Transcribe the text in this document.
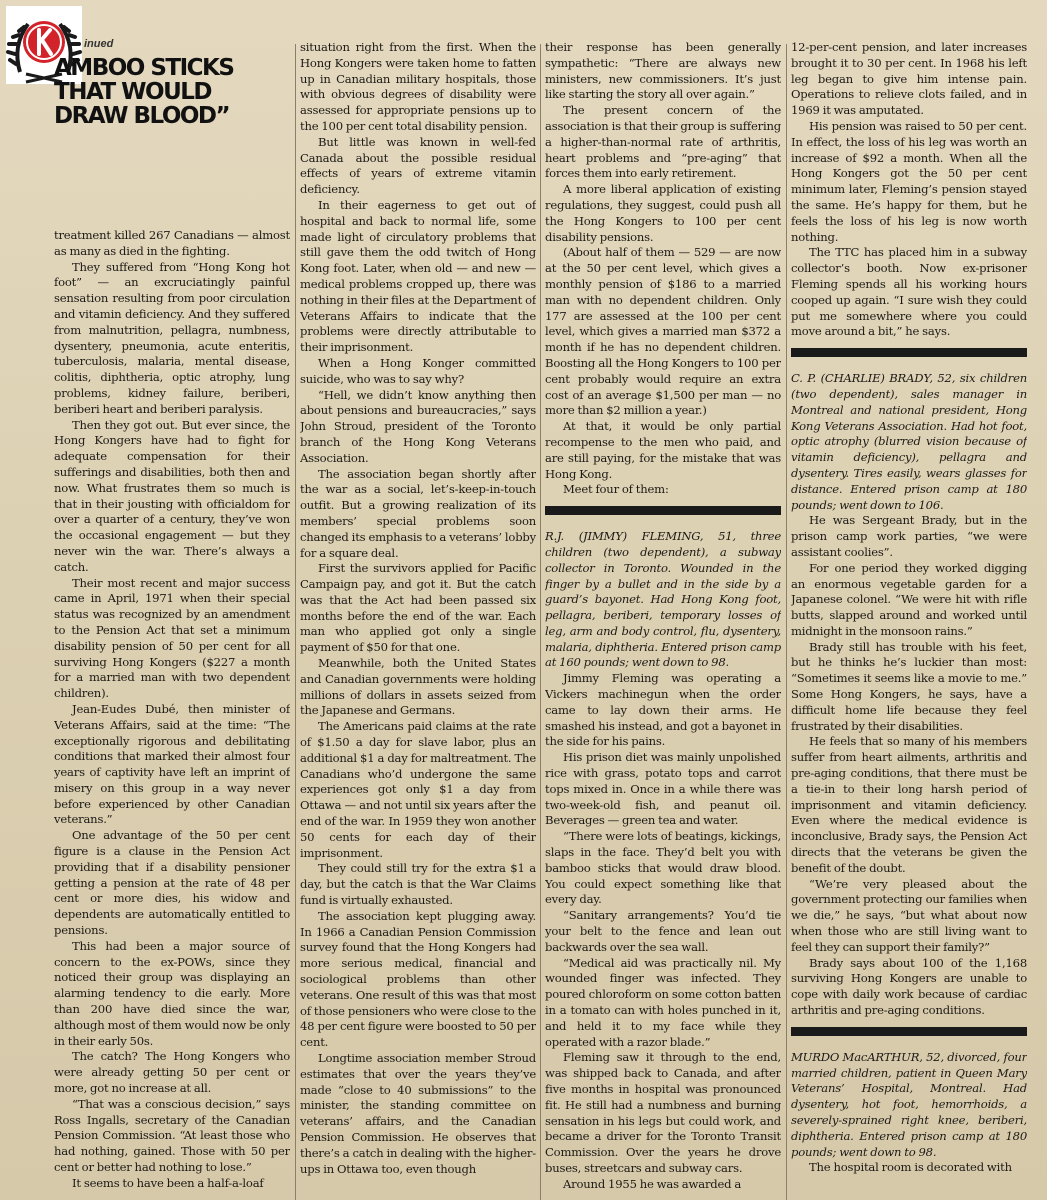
inued
AMBOO STICKS
THAT WOULD
DRAW BLOOD”

treatment killed 267 Canadians — almost as many as died in the fighting.

They suffered from “Hong Kong hot foot” — an excruciatingly painful sensation resulting from poor circulation and vitamin deficiency. And they suffered from malnutrition, pellagra, numbness, dysentery, pneumonia, acute enteritis, tuberculosis, malaria, mental disease, colitis, diphtheria, optic atrophy, lung problems, kidney failure, beriberi, beriberi heart and beriberi paralysis.

Then they got out. But ever since, the Hong Kongers have had to fight for adequate compensation for their sufferings and disabilities, both then and now. What frustrates them so much is that in their jousting with officialdom for over a quarter of a century, they’ve won the occasional engagement — but they never win the war. There’s always a catch.

Their most recent and major success came in April, 1971 when their special status was recognized by an amendment to the Pension Act that set a minimum disability pension of 50 per cent for all surviving Hong Kongers ($227 a month for a married man with two dependent children).

Jean-Eudes Dubé, then minister of Veterans Affairs, said at the time: “The exceptionally rigorous and debilitating conditions that marked their almost four years of captivity have left an imprint of misery on this group in a way never before experienced by other Canadian veterans.”

One advantage of the 50 per cent figure is a clause in the Pension Act providing that if a disability pensioner getting a pension at the rate of 48 per cent or more dies, his widow and dependents are automatically entitled to pensions.

This had been a major source of concern to the ex-POWs, since they noticed their group was displaying an alarming tendency to die early. More than 200 have died since the war, although most of them would now be only in their early 50s.

The catch? The Hong Kongers who were already getting 50 per cent or more, got no increase at all.

“That was a conscious decision,” says Ross Ingalls, secretary of the Canadian Pension Commission. “At least those who had nothing, gained. Those with 50 per cent or better had nothing to lose.”

It seems to have been a half-a-loaf

situation right from the first. When the Hong Kongers were taken home to fatten up in Canadian military hospitals, those with obvious degrees of disability were assessed for appropriate pensions up to the 100 per cent total disability pension.

But little was known in well-fed Canada about the possible residual effects of years of extreme vitamin deficiency.

In their eagerness to get out of hospital and back to normal life, some made light of circulatory problems that still gave them the odd twitch of Hong Kong foot. Later, when old — and new — medical problems cropped up, there was nothing in their files at the Department of Veterans Affairs to indicate that the problems were directly attributable to their imprisonment.

When a Hong Konger committed suicide, who was to say why?

“Hell, we didn’t know anything then about pensions and bureaucracies,” says John Stroud, president of the Toronto branch of the Hong Kong Veterans Association.

The association began shortly after the war as a social, let’s-keep-in-touch outfit. But a growing realization of its members’ special problems soon changed its emphasis to a veterans’ lobby for a square deal.

First the survivors applied for Pacific Campaign pay, and got it. But the catch was that the Act had been passed six months before the end of the war. Each man who applied got only a single payment of $50 for that one.

Meanwhile, both the United States and Canadian governments were holding millions of dollars in assets seized from the Japanese and Germans.

The Americans paid claims at the rate of $1.50 a day for slave labor, plus an additional $1 a day for maltreatment. The Canadians who’d undergone the same experiences got only $1 a day from Ottawa — and not until six years after the end of the war. In 1959 they won another 50 cents for each day of their imprisonment.

They could still try for the extra $1 a day, but the catch is that the War Claims fund is virtually exhausted.

The association kept plugging away. In 1966 a Canadian Pension Commission survey found that the Hong Kongers had more serious medical, financial and sociological problems than other veterans. One result of this was that most of those pensioners who were close to the 48 per cent figure were boosted to 50 per cent.

Longtime association member Stroud estimates that over the years they’ve made “close to 40 submissions” to the minister, the standing committee on veterans’ affairs, and the Canadian Pension Commission. He observes that there’s a catch in dealing with the higher-ups in Ottawa too, even though

their response has been generally sympathetic: “There are always new ministers, new commissioners. It’s just like starting the story all over again.”

The present concern of the association is that their group is suffering a higher-than-normal rate of arthritis, heart problems and “pre-aging” that forces them into early retirement.

A more liberal application of existing regulations, they suggest, could push all the Hong Kongers to 100 per cent disability pensions.

(About half of them — 529 — are now at the 50 per cent level, which gives a monthly pension of $186 to a married man with no dependent children. Only 177 are assessed at the 100 per cent level, which gives a married man $372 a month if he has no dependent children. Boosting all the Hong Kongers to 100 per cent probably would require an extra cost of an average $1,500 per man — no more than $2 million a year.)

At that, it would be only partial recompense to the men who paid, and are still paying, for the mistake that was Hong Kong.

Meet four of them:

R.J. (JIMMY) FLEMING, 51, three children (two dependent), a subway collector in Toronto. Wounded in the finger by a bullet and in the side by a guard’s bayonet. Had Hong Kong foot, pellagra, beriberi, temporary losses of leg, arm and body control, flu, dysentery, malaria, diphtheria. Entered prison camp at 160 pounds; went down to 98.

Jimmy Fleming was operating a Vickers machinegun when the order came to lay down their arms. He smashed his instead, and got a bayonet in the side for his pains.

His prison diet was mainly unpolished rice with grass, potato tops and carrot tops mixed in. Once in a while there was two-week-old fish, and peanut oil. Beverages — green tea and water.

“There were lots of beatings, kickings, slaps in the face. They’d belt you with bamboo sticks that would draw blood. You could expect something like that every day.

“Sanitary arrangements? You’d tie your belt to the fence and lean out backwards over the sea wall.

“Medical aid was practically nil. My wounded finger was infected. They poured chloroform on some cotton batten in a tomato can with holes punched in it, and held it to my face while they operated with a razor blade.”

Fleming saw it through to the end, was shipped back to Canada, and after five months in hospital was pronounced fit. He still had a numbness and burning sensation in his legs but could work, and became a driver for the Toronto Transit Commission. Over the years he drove buses, streetcars and subway cars.

Around 1955 he was awarded a

12-per-cent pension, and later increases brought it to 30 per cent. In 1968 his left leg began to give him intense pain. Operations to relieve clots failed, and in 1969 it was amputated.

His pension was raised to 50 per cent. In effect, the loss of his leg was worth an increase of $92 a month. When all the Hong Kongers got the 50 per cent minimum later, Fleming’s pension stayed the same. He’s happy for them, but he feels the loss of his leg is now worth nothing.

The TTC has placed him in a subway collector’s booth. Now ex-prisoner Fleming spends all his working hours cooped up again. “I sure wish they could put me somewhere where you could move around a bit,” he says.

C. P. (CHARLIE) BRADY, 52, six children (two dependent), sales manager in Montreal and national president, Hong Kong Veterans Association. Had hot foot, optic atrophy (blurred vision because of vitamin deficiency), pellagra and dysentery. Tires easily, wears glasses for distance. Entered prison camp at 180 pounds; went down to 106.

He was Sergeant Brady, but in the prison camp work parties, “we were assistant coolies”.

For one period they worked digging an enormous vegetable garden for a Japanese colonel. “We were hit with rifle butts, slapped around and worked until midnight in the monsoon rains.”

Brady still has trouble with his feet, but he thinks he’s luckier than most: “Sometimes it seems like a movie to me.” Some Hong Kongers, he says, have a difficult home life because they feel frustrated by their disabilities.

He feels that so many of his members suffer from heart ailments, arthritis and pre-aging conditions, that there must be a tie-in to their long harsh period of imprisonment and vitamin deficiency. Even where the medical evidence is inconclusive, Brady says, the Pension Act directs that the veterans be given the benefit of the doubt.

“We’re very pleased about the government protecting our families when we die,” he says, “but what about now when those who are still living want to feel they can support their family?”

Brady says about 100 of the 1,168 surviving Hong Kongers are unable to cope with daily work because of cardiac arthritis and pre-aging conditions.

MURDO MacARTHUR, 52, divorced, four married children, patient in Queen Mary Veterans’ Hospital, Montreal. Had dysentery, hot foot, hemorrhoids, a severely-sprained right knee, beriberi, diphtheria. Entered prison camp at 180 pounds; went down to 98.

The hospital room is decorated with
